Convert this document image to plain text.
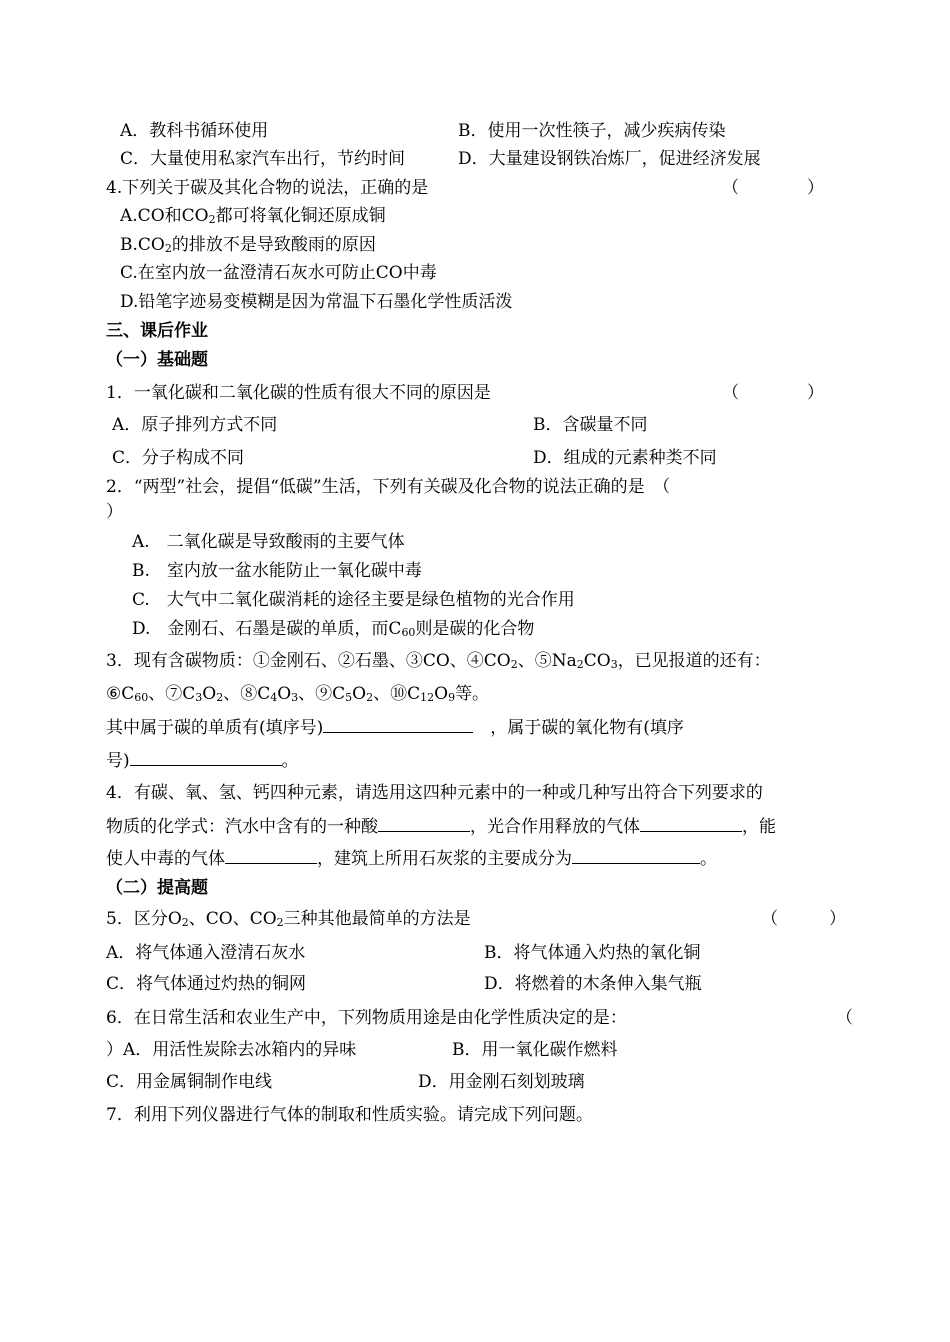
A．教科书循环使用	B．使用一次性筷子，减少疾病传染
C．大量使用私家汽车出行，节约时间	D．大量建设钢铁冶炼厂，促进经济发展
4.下列关于碳及其化合物的说法，正确的是	（　　　　）
A.CO和$CO_2$都可将氧化铜还原成铜
$B.CO_2$的排放不是导致酸雨的原因
C.在室内放一盆澄清石灰水可防止CO中毒
D.铅笔字迹易变模糊是因为常温下石墨化学性质活泼
三、课后作业
（一）基础题
1．一氧化碳和二氧化碳的性质有很大不同的原因是	（　　　　）
A．原子排列方式不同	B．含碳量不同
C．分子构成不同	D．组成的元素种类不同
2．“两型”社会，提倡“低碳”生活，下列有关碳及化合物的说法正确的是　（
）
A.　二氧化碳是导致酸雨的主要气体
B.　室内放一盆水能防止一氧化碳中毒
C.　大气中二氧化碳消耗的途径主要是绿色植物的光合作用
D.　金刚石、石墨是碳的单质，而$C_{60}$则是碳的化合物
3．现有含碳物质：①金刚石、②石墨、③CO、$④CO_2$、$⑤Na_2CO_3$，已见报道的还有：
$⑥C_{60}$、$⑦C_3O_2$、$⑧C_4O_3$、$⑨C_5O_2$、$⑩C_{12}O_9$等。
其中属于碳的单质有(填序号)　	，属于碳的氧化物有(填序
号)	。
4．有碳、氧、氢、钙四种元素，请选用这四种元素中的一种或几种写出符合下列要求的
物质的化学式：汽水中含有的一种酸	，光合作用释放的气体	，能
使人中毒的气体	，建筑上所用石灰浆的主要成分为	。
（二）提高题
5．区分$O_2$、CO、$CO_2$三种其他最简单的方法是	（　　　）
A．将气体通入澄清石灰水	B．将气体通入灼热的氧化铜
C．将气体通过灼热的铜网	D．将燃着的木条伸入集气瓶
6．在日常生活和农业生产中，下列物质用途是由化学性质决定的是：	（
）A．用活性炭除去冰箱内的异味	B．用一氧化碳作燃料
C．用金属铜制作电线	D．用金刚石刻划玻璃
7．利用下列仪器进行气体的制取和性质实验。请完成下列问题。
